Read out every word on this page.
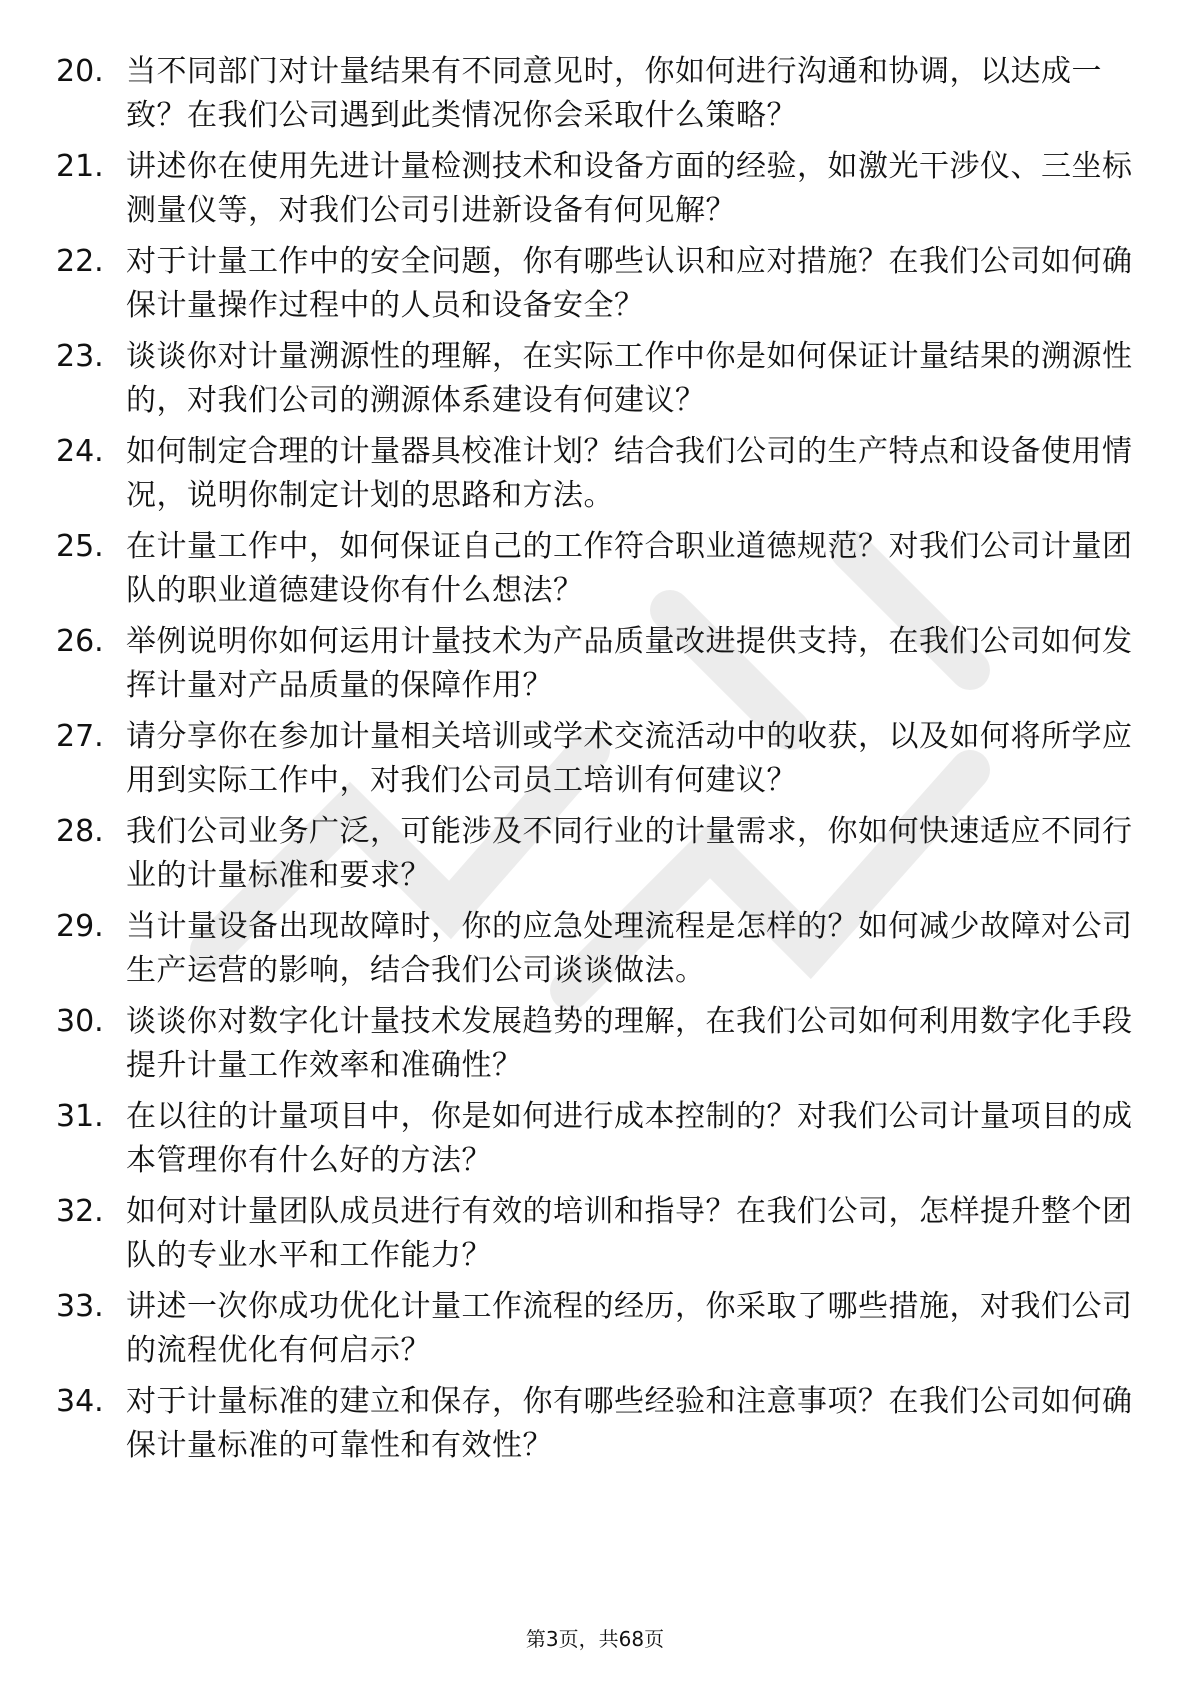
20. 当不同部门对计量结果有不同意见时，你如何进行沟通和协调，以达成一致？在我们公司遇到此类情况你会采取什么策略？
21. 讲述你在使用先进计量检测技术和设备方面的经验，如激光干涉仪、三坐标测量仪等，对我们公司引进新设备有何见解？
22. 对于计量工作中的安全问题，你有哪些认识和应对措施？在我们公司如何确保计量操作过程中的人员和设备安全？
23. 谈谈你对计量溯源性的理解，在实际工作中你是如何保证计量结果的溯源性的，对我们公司的溯源体系建设有何建议？
24. 如何制定合理的计量器具校准计划？结合我们公司的生产特点和设备使用情况，说明你制定计划的思路和方法。
25. 在计量工作中，如何保证自己的工作符合职业道德规范？对我们公司计量团队的职业道德建设你有什么想法？
26. 举例说明你如何运用计量技术为产品质量改进提供支持，在我们公司如何发挥计量对产品质量的保障作用？
27. 请分享你在参加计量相关培训或学术交流活动中的收获，以及如何将所学应用到实际工作中，对我们公司员工培训有何建议？
28. 我们公司业务广泛，可能涉及不同行业的计量需求，你如何快速适应不同行业的计量标准和要求？
29. 当计量设备出现故障时，你的应急处理流程是怎样的？如何减少故障对公司生产运营的影响，结合我们公司谈谈做法。
30. 谈谈你对数字化计量技术发展趋势的理解，在我们公司如何利用数字化手段提升计量工作效率和准确性？
31. 在以往的计量项目中，你是如何进行成本控制的？对我们公司计量项目的成本管理你有什么好的方法？
32. 如何对计量团队成员进行有效的培训和指导？在我们公司，怎样提升整个团队的专业水平和工作能力？
33. 讲述一次你成功优化计量工作流程的经历，你采取了哪些措施，对我们公司的流程优化有何启示？
34. 对于计量标准的建立和保存，你有哪些经验和注意事项？在我们公司如何确保计量标准的可靠性和有效性？
第3页，共68页
